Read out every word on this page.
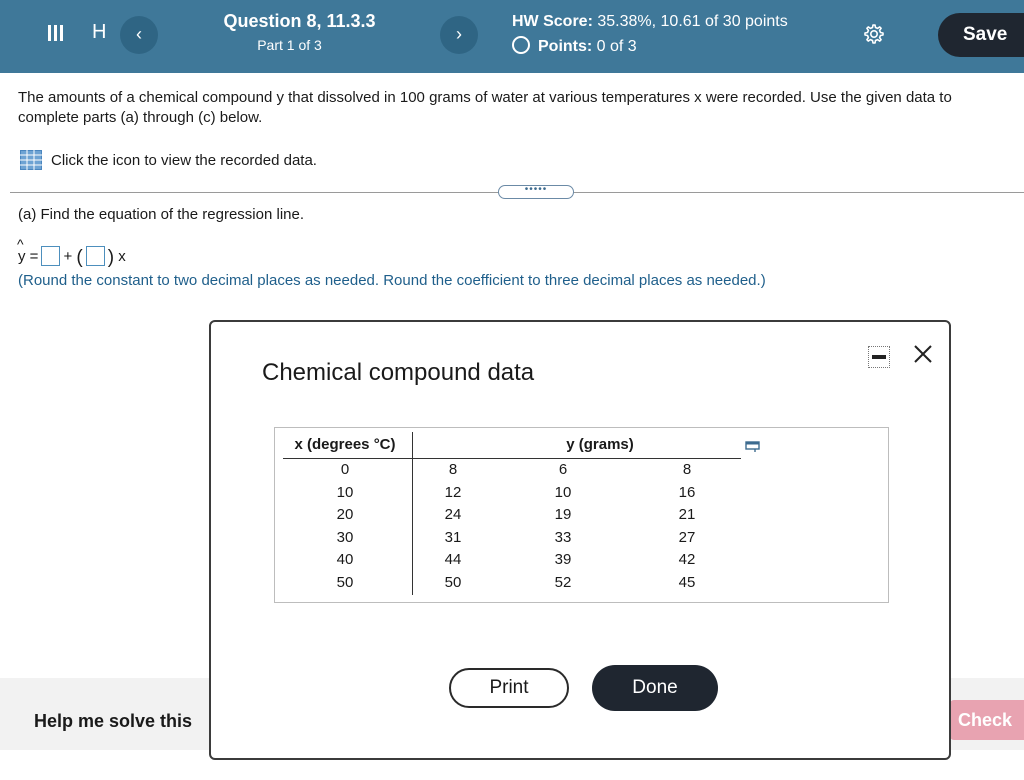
H	‹
Question 8, 11.3.3
Part 1 of 3
›
HW Score: 35.38%, 10.61 of 30 points
Points: 0 of 3
Save
The amounts of a chemical compound y that dissolved in 100 grams of water at various temperatures x were recorded. Use the given data to
complete parts (a) through (c) below.
Click the icon to view the recorded data.
•••••
(a) Find the equation of the regression line.
^
y = + ( ) x
(Round the constant to two decimal places as needed. Round the coefficient to three decimal places as needed.)
Help me solve this	Check answer
Chemical compound data
x (degrees °C)	y (grams)
0	8	6	8
10	12	10	16
20	24	19	21
30	31	33	27
40	44	39	42
50	50	52	45
Print	Done
